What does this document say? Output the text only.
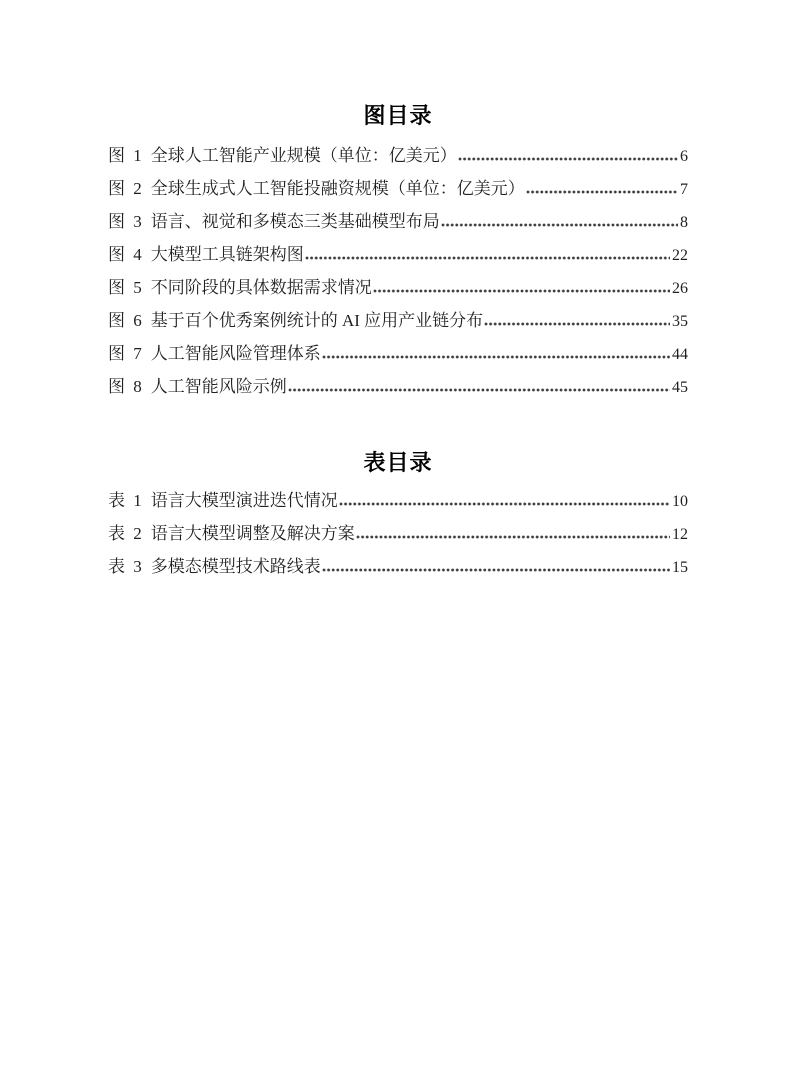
图目录
图 1 全球人工智能产业规模（单位：亿美元）	6
图 2 全球生成式人工智能投融资规模（单位：亿美元）	7
图 3 语言、视觉和多模态三类基础模型布局	8
图 4 大模型工具链架构图	22
图 5 不同阶段的具体数据需求情况	26
图 6 基于百个优秀案例统计的 AI 应用产业链分布	35
图 7 人工智能风险管理体系	44
图 8 人工智能风险示例	45
表目录
表 1 语言大模型演进迭代情况	10
表 2 语言大模型调整及解决方案	12
表 3 多模态模型技术路线表	15
